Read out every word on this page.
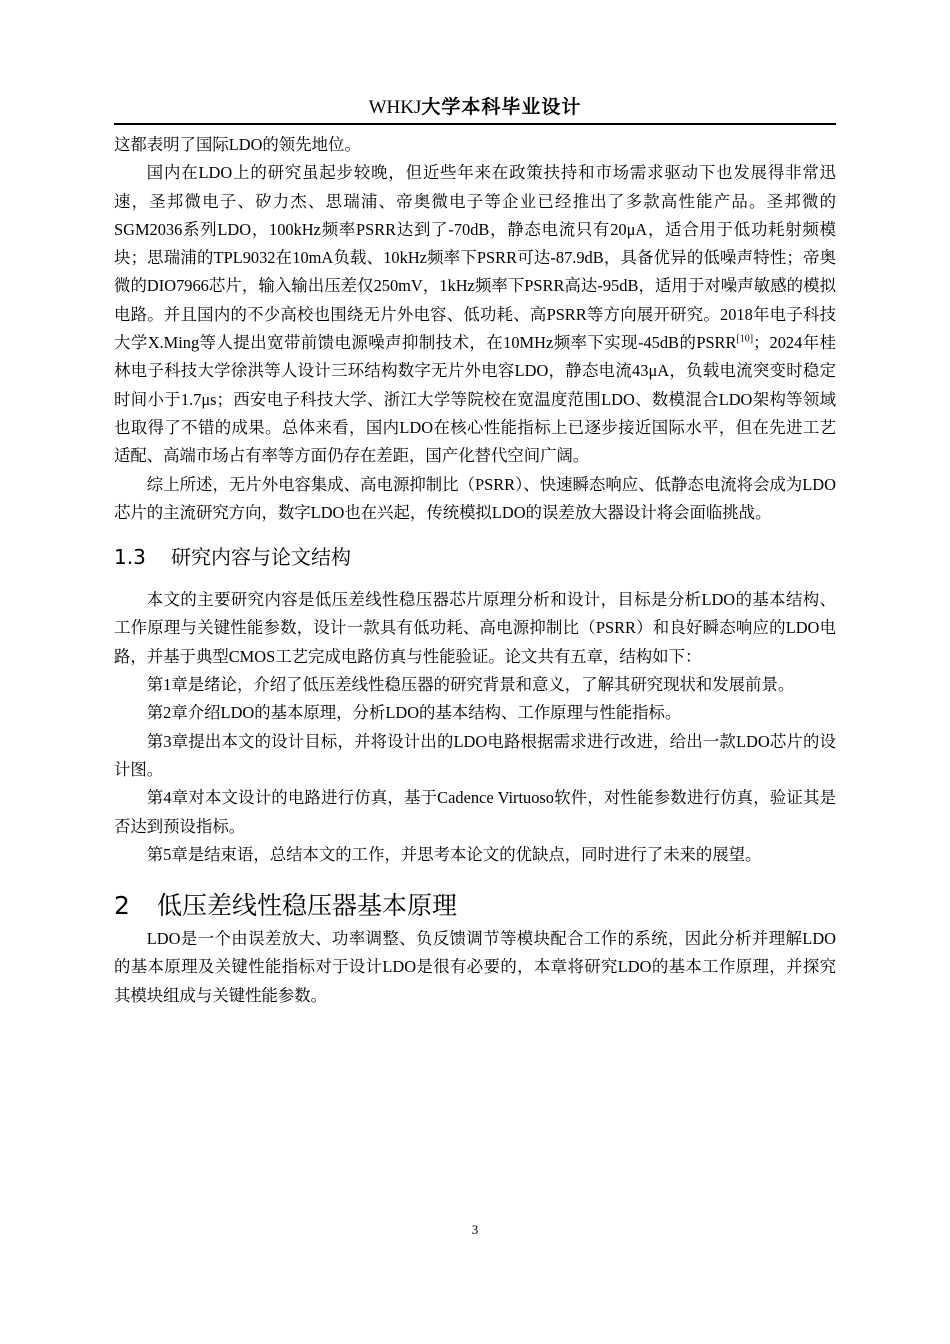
WHKJ大学本科毕业设计

这都表明了国际LDO的领先地位。

国内在LDO上的研究虽起步较晚，但近些年来在政策扶持和市场需求驱动下也发展得非常迅速，圣邦微电子、矽力杰、思瑞浦、帝奥微电子等企业已经推出了多款高性能产品。圣邦微的SGM2036系列LDO，100kHz频率PSRR达到了-70dB，静态电流只有20μA，适合用于低功耗射频模块；思瑞浦的TPL9032在10mA负载、10kHz频率下PSRR可达-87.9dB，具备优异的低噪声特性；帝奥微的DIO7966芯片，输入输出压差仅250mV，1kHz频率下PSRR高达-95dB，适用于对噪声敏感的模拟电路。并且国内的不少高校也围绕无片外电容、低功耗、高PSRR等方向展开研究。2018年电子科技大学X.Ming等人提出宽带前馈电源噪声抑制技术，在10MHz频率下实现-45dB的PSRR[10]；2024年桂林电子科技大学徐洪等人设计三环结构数字无片外电容LDO，静态电流43μA，负载电流突变时稳定时间小于1.7μs；西安电子科技大学、浙江大学等院校在宽温度范围LDO、数模混合LDO架构等领域也取得了不错的成果。总体来看，国内LDO在核心性能指标上已逐步接近国际水平，但在先进工艺适配、高端市场占有率等方面仍存在差距，国产化替代空间广阔。

综上所述，无片外电容集成、高电源抑制比（PSRR）、快速瞬态响应、低静态电流将会成为LDO芯片的主流研究方向，数字LDO也在兴起，传统模拟LDO的误差放大器设计将会面临挑战。

1.3 研究内容与论文结构

本文的主要研究内容是低压差线性稳压器芯片原理分析和设计，目标是分析LDO的基本结构、工作原理与关键性能参数，设计一款具有低功耗、高电源抑制比（PSRR）和良好瞬态响应的LDO电路，并基于典型CMOS工艺完成电路仿真与性能验证。论文共有五章，结构如下：

第1章是绪论，介绍了低压差线性稳压器的研究背景和意义，了解其研究现状和发展前景。

第2章介绍LDO的基本原理，分析LDO的基本结构、工作原理与性能指标。

第3章提出本文的设计目标，并将设计出的LDO电路根据需求进行改进，给出一款LDO芯片的设计图。

第4章对本文设计的电路进行仿真，基于Cadence Virtuoso软件，对性能参数进行仿真，验证其是否达到预设指标。

第5章是结束语，总结本文的工作，并思考本论文的优缺点，同时进行了未来的展望。

2 低压差线性稳压器基本原理

LDO是一个由误差放大、功率调整、负反馈调节等模块配合工作的系统，因此分析并理解LDO的基本原理及关键性能指标对于设计LDO是很有必要的，本章将研究LDO的基本工作原理，并探究其模块组成与关键性能参数。

3
